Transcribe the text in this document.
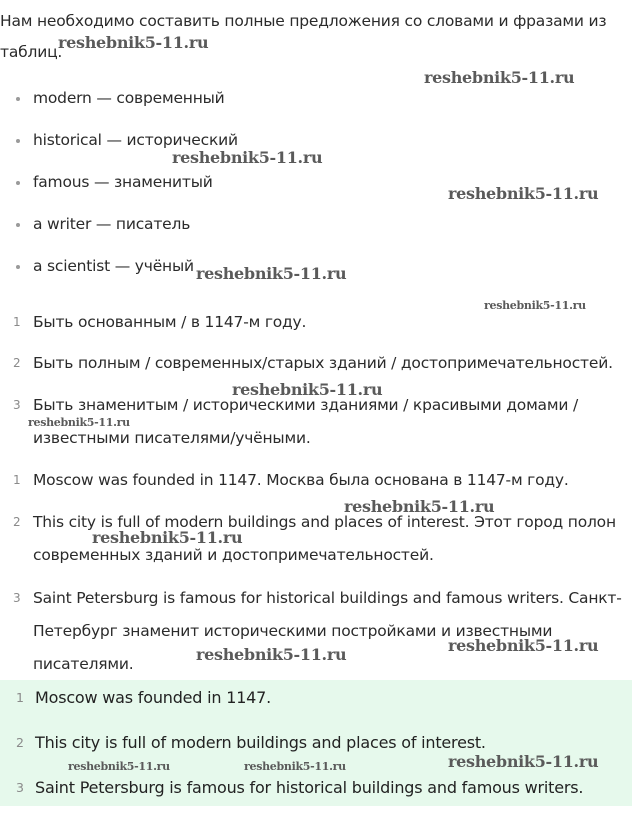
Нам необходимо составить полные предложения со словами и фразами из таблиц.
modern — современный
historical — исторический
famous — знаменитый
a writer — писатель
a scientist — учёный
1 Быть основанным / в 1147-м году.
2 Быть полным / современных/старых зданий / достопримечательностей.
3 Быть знаменитым / историческими зданиями / красивыми домами /
известными писателями/учёными.
1 Moscow was founded in 1147. Москва была основана в 1147-м году.
2 This city is full of modern buildings and places of interest. Этот город полон
современных зданий и достопримечательностей.
3 Saint Petersburg is famous for historical buildings and famous writers. Санкт-
Петербург знаменит историческими постройками и известными
писателями.
1 Moscow was founded in 1147.
2 This city is full of modern buildings and places of interest.
3 Saint Petersburg is famous for historical buildings and famous writers.
reshebnik5-11.ru
reshebnik5-11.ru
reshebnik5-11.ru
reshebnik5-11.ru
reshebnik5-11.ru
reshebnik5-11.ru
reshebnik5-11.ru
reshebnik5-11.ru
reshebnik5-11.ru
reshebnik5-11.ru
reshebnik5-11.ru
reshebnik5-11.ru
reshebnik5-11.ru	reshebnik5-11.ru	reshebnik5-11.ru
